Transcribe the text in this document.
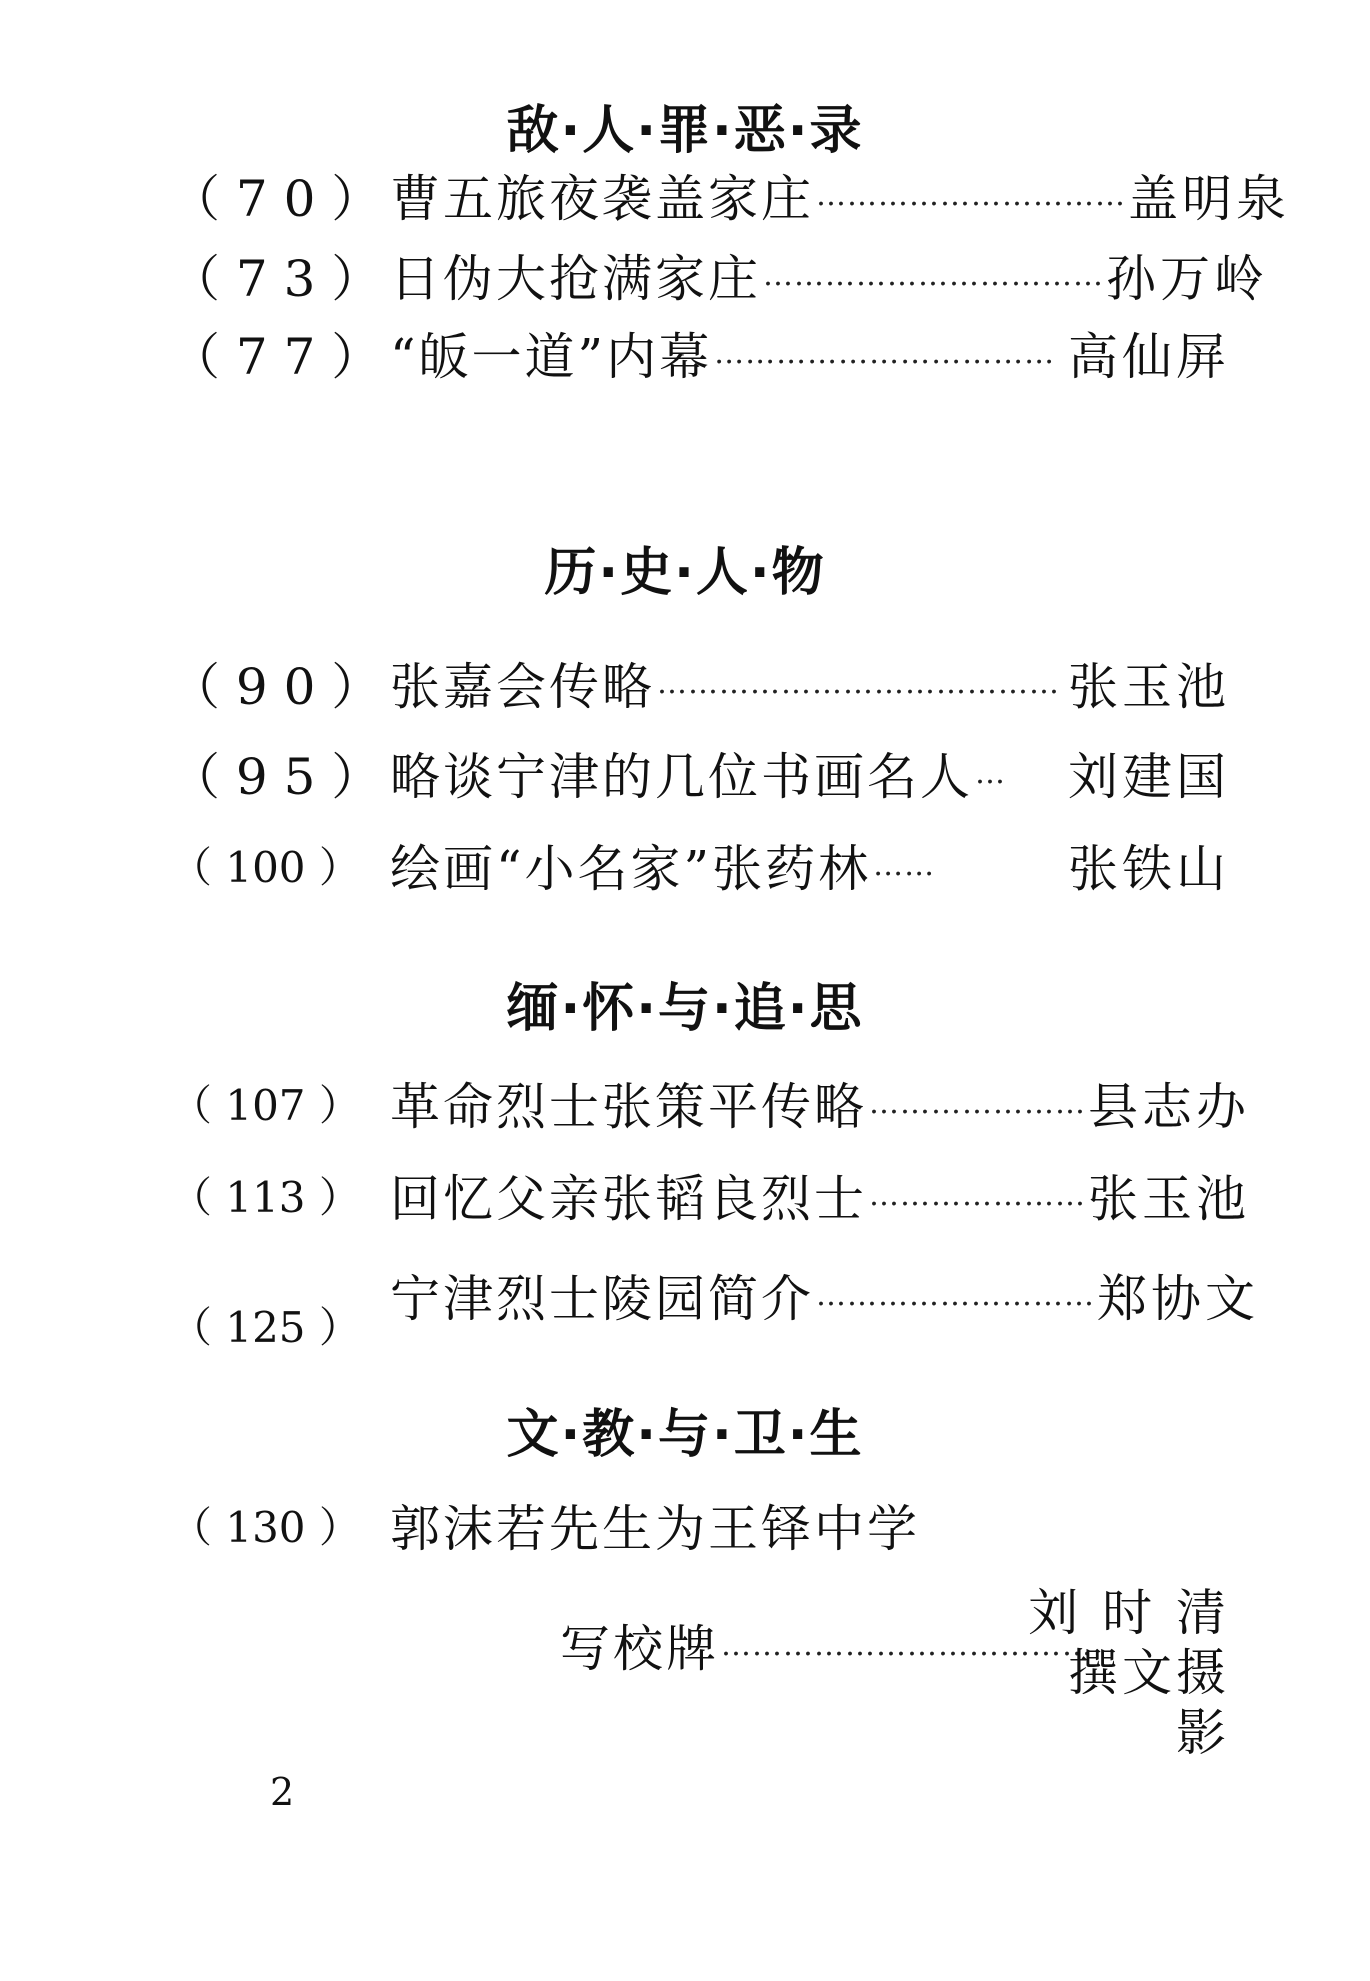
敌·人·罪·恶·录
（ 7 0 ） 曹五旅夜袭盖家庄 ………………………… 盖明泉
（ 7 3 ） 日伪大抢满家庄 …………………………… 孙万岭
（ 7 7 ） “皈一道”内幕 …………………………… 高仙屏
历·史·人·物
（ 9 0 ） 张嘉会传略 ………………………………… 张玉池
（ 9 5 ） 略谈宁津的几位书画名人 …	刘建国
（ 100 ） 绘画“小名家”张药林 ……	张铁山
缅·怀·与·追·思
（ 107 ） 革命烈士张策平传略 ………………… 县志办
（ 113 ） 回忆父亲张韬良烈士 ………………… 张玉池
（ 125 ） 宁津烈士陵园简介 ……………………… 郑协文
文·教·与·卫·生
（ 130 ） 郭沫若先生为王铎中学
写校牌 ………………………………
刘 时 清
撰文摄影
2
